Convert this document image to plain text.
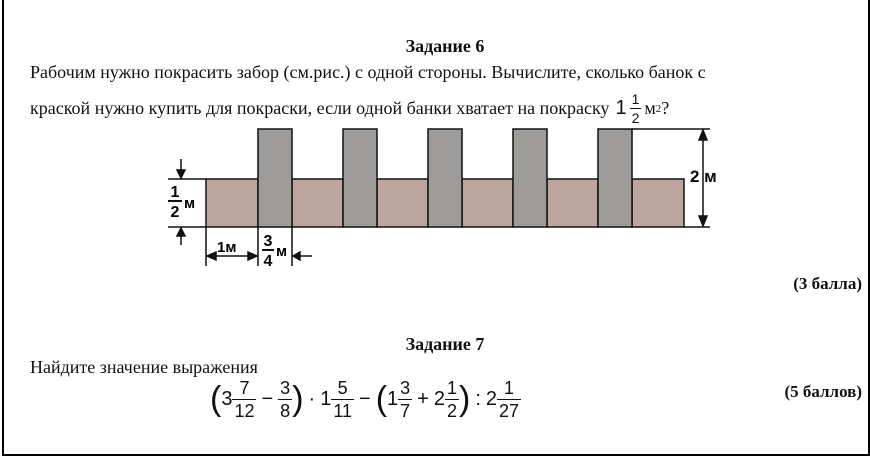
Задание 6
Рабочим нужно покрасить забор (см.рис.) с одной стороны. Вычислите, сколько банок с
краской нужно купить для покраски, если одной банки хватает на покраску $1 \frac{1}{2}$ м 2 ?
1
2
м
2 м
1м 3
4
м
(3 балла)
Задание 7
Найдите значение выражения
(5 баллов)
( $3 \frac{7}{12} - \frac{3}{8}$ ) · $1 \frac{5}{11}$ − ( $1 \frac{3}{7} + 2 \frac{1}{2}$ ) : $2 \frac{1}{27}$
